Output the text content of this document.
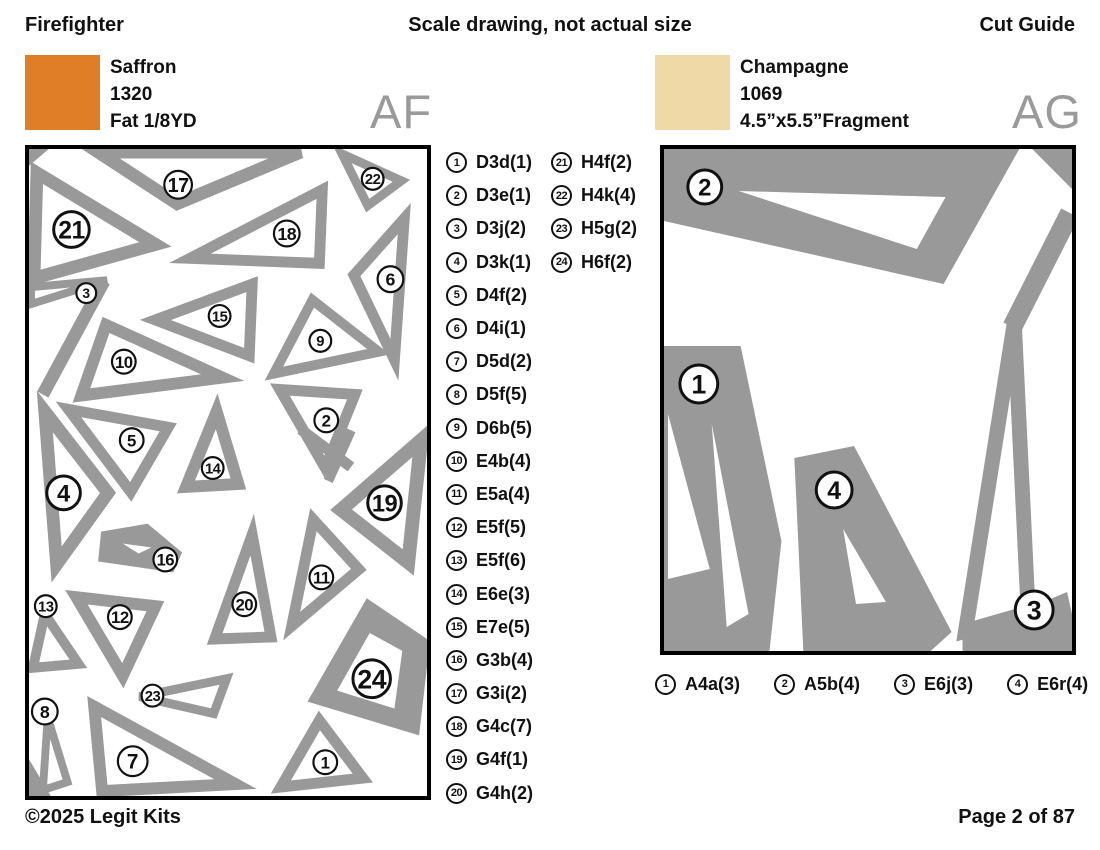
Firefighter	Scale drawing, not actual size	Cut Guide
Saffron
1320
Fat 1/8YD	AF
Champagne
1069
4.5”x5.5”Fragment AG
21
17	22
18
6
3
15
9
10
2
5
14
4	19
16
11
13
12
20
24
23
8
7	1
2
1
4
3
1 D3d(1)
2 D3e(1)
3 D3j(2)
4 D3k(1)
5 D4f(2)
6 D4i(1)
7 D5d(2)
8 D5f(5)
9 D6b(5)
10 E4b(4)
11 E5a(4)
12 E5f(5)
13 E5f(6)
14 E6e(3)
15 E7e(5)
16 G3b(4)
17 G3i(2)
18 G4c(7)
19 G4f(1)
20 G4h(2)
21 H4f(2)
22 H4k(4)
23 H5g(2)
24 H6f(2)
1 A4a(3)	2 A5b(4)	3 E6j(3)	4 E6r(4)
©2025 Legit Kits	Page 2 of 87
